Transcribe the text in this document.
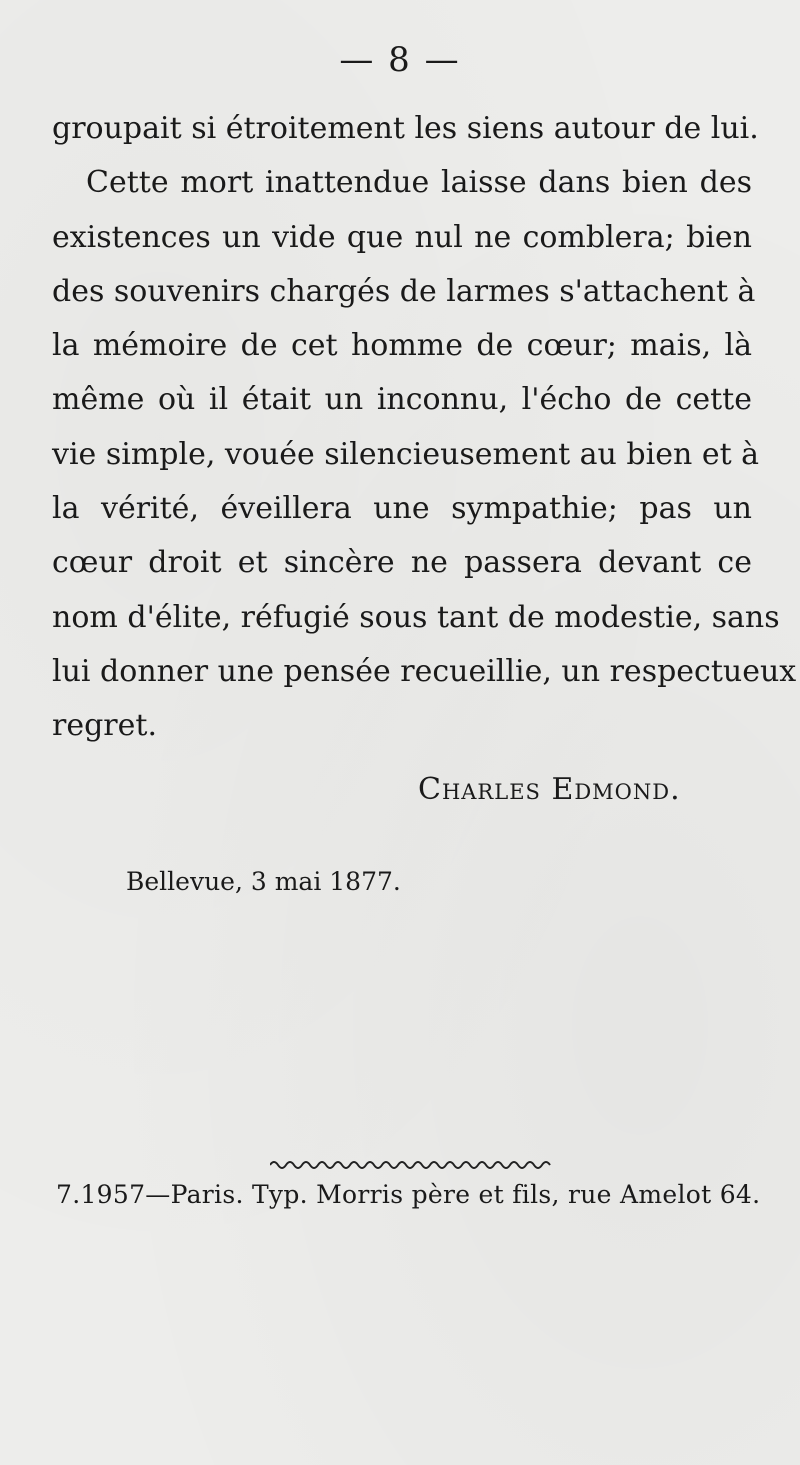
— 8 —
groupait si étroitement les siens autour de lui.
Cette mort inattendue laisse dans bien des
existences un vide que nul ne comblera; bien
des souvenirs chargés de larmes s'attachent à
la mémoire de cet homme de cœur; mais, là
même où il était un inconnu, l'écho de cette
vie simple, vouée silencieusement au bien et à
la vérité, éveillera une sympathie; pas un
cœur droit et sincère ne passera devant ce
nom d'élite, réfugié sous tant de modestie, sans
lui donner une pensée recueillie, un respectueux
regret.
Charles Edmond.
Bellevue, 3 mai 1877.
7.1957—Paris. Typ. Morris père et fils, rue Amelot 64.
